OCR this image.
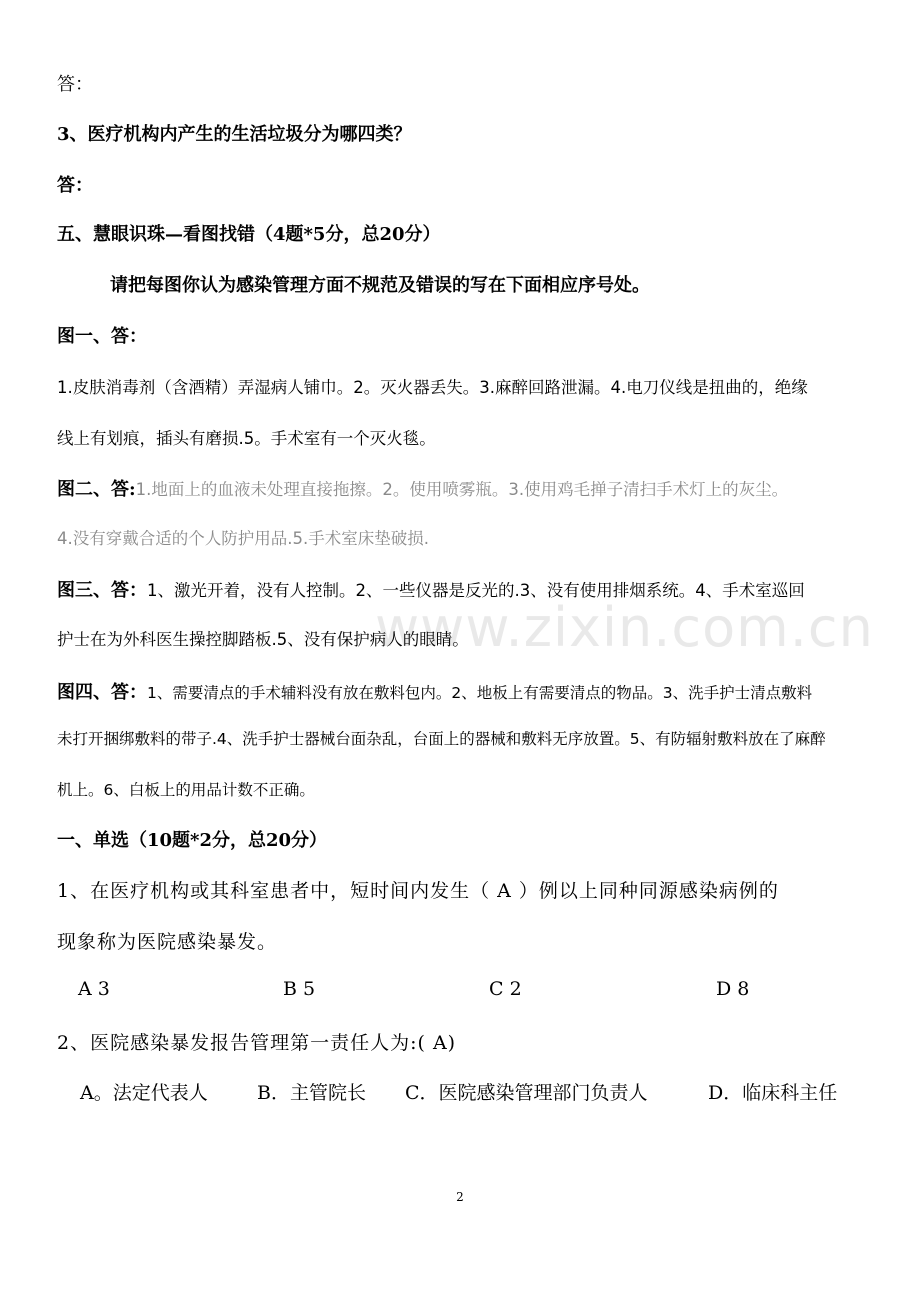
www.zixin.com.cn
答：
3、医疗机构内产生的生活垃圾分为哪四类？
答：
五、慧眼识珠—看图找错（4题*5分，总20分）
请把每图你认为感染管理方面不规范及错误的写在下面相应序号处。
图一、答：
1.皮肤消毒剂（含酒精）弄湿病人铺巾。2。灭火器丢失。3.麻醉回路泄漏。4.电刀仪线是扭曲的，绝缘
线上有划痕，插头有磨损.5。手术室有一个灭火毯。
图二、答:1.地面上的血液未处理直接拖擦。2。使用喷雾瓶。3.使用鸡毛掸子清扫手术灯上的灰尘。
4.没有穿戴合适的个人防护用品.5.手术室床垫破损.
图三、答：1、激光开着，没有人控制。2、一些仪器是反光的.3、没有使用排烟系统。4、手术室巡回
护士在为外科医生操控脚踏板.5、没有保护病人的眼睛。
图四、答：1、需要清点的手术辅料没有放在敷料包内。2、地板上有需要清点的物品。3、洗手护士清点敷料
未打开捆绑敷料的带子.4、洗手护士器械台面杂乱，台面上的器械和敷料无序放置。5、有防辐射敷料放在了麻醉
机上。6、白板上的用品计数不正确。
一、单选（10题*2分，总20分）
1、在医疗机构或其科室患者中，短时间内发生（ A ）例以上同种同源感染病例的
现象称为医院感染暴发。
A 3	B 5	C 2	D 8
2、医院感染暴发报告管理第一责任人为:( A)
A。法定代表人	B．主管院长 C．医院感染管理部门负责人	D．临床科主任
2
